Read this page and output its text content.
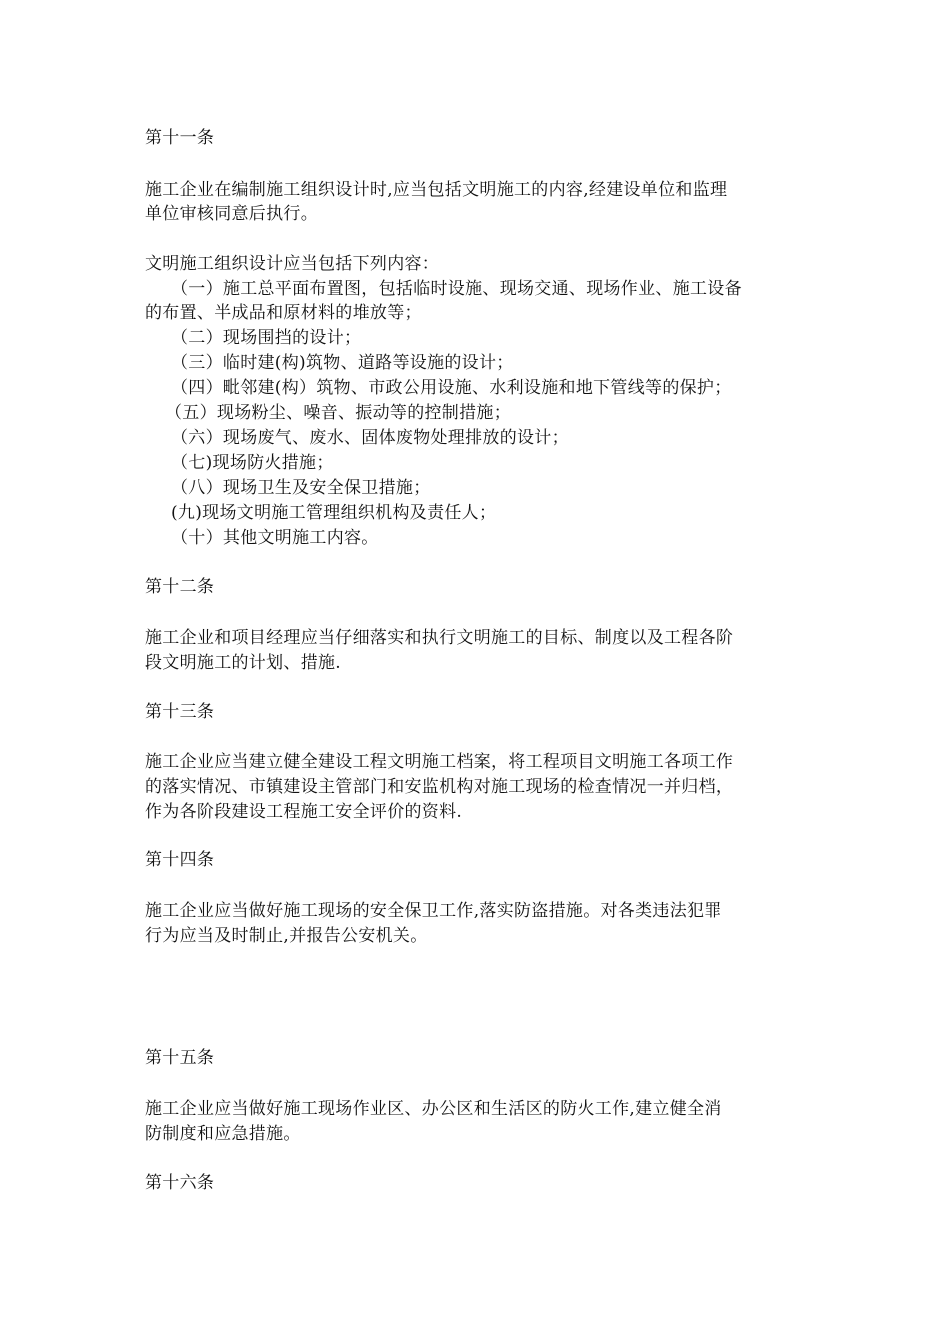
第十一条
施工企业在编制施工组织设计时,应当包括文明施工的内容,经建设单位和监理
单位审核同意后执行。
文明施工组织设计应当包括下列内容：
（一）施工总平面布置图，包括临时设施、现场交通、现场作业、施工设备
的布置、半成品和原材料的堆放等；
（二）现场围挡的设计；
（三）临时建(构)筑物、道路等设施的设计；
（四）毗邻建(构）筑物、市政公用设施、水利设施和地下管线等的保护；
（五）现场粉尘、噪音、振动等的控制措施；
（六）现场废气、废水、固体废物处理排放的设计；
（七)现场防火措施；
（八）现场卫生及安全保卫措施；
(九)现场文明施工管理组织机构及责任人；
（十）其他文明施工内容。
第十二条
施工企业和项目经理应当仔细落实和执行文明施工的目标、制度以及工程各阶
段文明施工的计划、措施.
第十三条
施工企业应当建立健全建设工程文明施工档案，将工程项目文明施工各项工作
的落实情况、市镇建设主管部门和安监机构对施工现场的检查情况一并归档，
作为各阶段建设工程施工安全评价的资料.
第十四条
施工企业应当做好施工现场的安全保卫工作,落实防盗措施。对各类违法犯罪
行为应当及时制止,并报告公安机关。
第十五条
施工企业应当做好施工现场作业区、办公区和生活区的防火工作,建立健全消
防制度和应急措施。
第十六条
